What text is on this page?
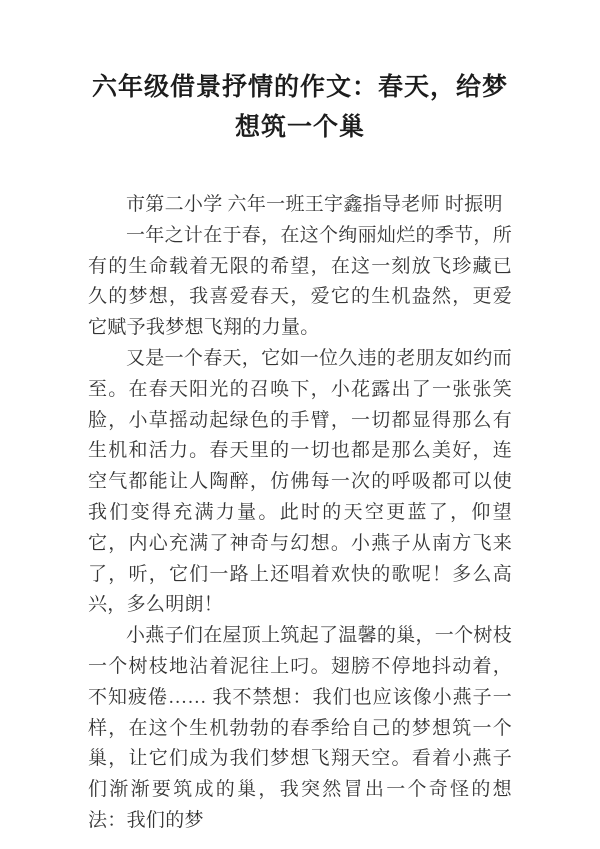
六年级借景抒情的作文：春天，给梦想筑一个巢

市第二小学 六年一班王宇鑫指导老师 时振明

一年之计在于春，在这个绚丽灿烂的季节，所有的生命载着无限的希望，在这一刻放飞珍藏已久的梦想，我喜爱春天，爱它的生机盎然，更爱它赋予我梦想飞翔的力量。

又是一个春天，它如一位久违的老朋友如约而至。在春天阳光的召唤下，小花露出了一张张笑脸，小草摇动起绿色的手臂，一切都显得那么有生机和活力。春天里的一切也都是那么美好，连空气都能让人陶醉，仿佛每一次的呼吸都可以使我们变得充满力量。此时的天空更蓝了，仰望它，内心充满了神奇与幻想。小燕子从南方飞来了，听，它们一路上还唱着欢快的歌呢！多么高兴，多么明朗！

小燕子们在屋顶上筑起了温馨的巢，一个树枝一个树枝地沾着泥往上叼。翅膀不停地抖动着，不知疲倦…… 我不禁想：我们也应该像小燕子一样，在这个生机勃勃的春季给自己的梦想筑一个巢，让它们成为我们梦想飞翔天空。看着小燕子们渐渐要筑成的巢，我突然冒出一个奇怪的想法：我们的梦
